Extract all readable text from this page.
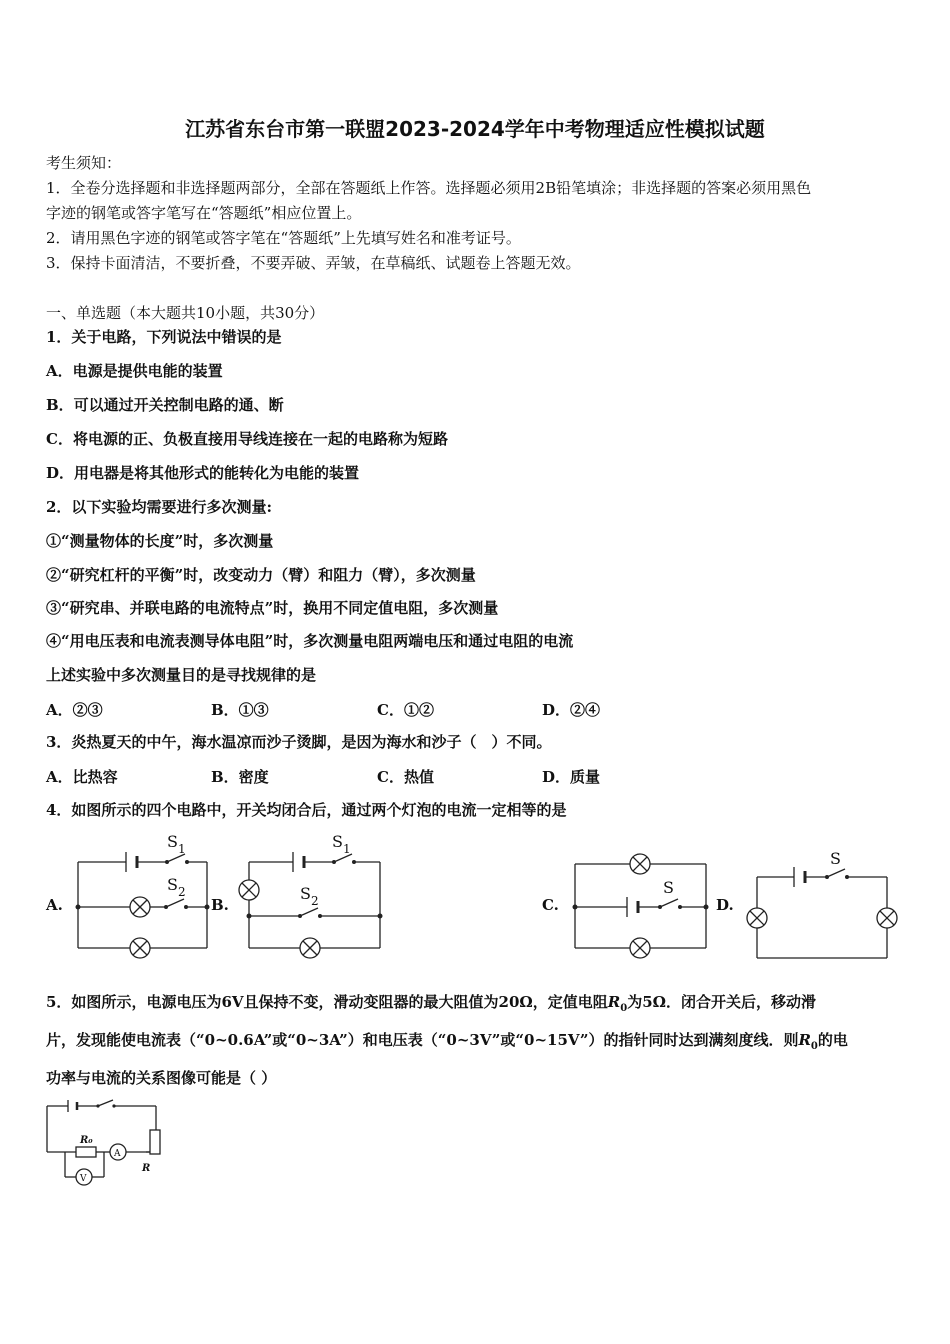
江苏省东台市第一联盟2023-2024学年中考物理适应性模拟试题
考生须知：
1．全卷分选择题和非选择题两部分，全部在答题纸上作答。选择题必须用2B铅笔填涂；非选择题的答案必须用黑色
字迹的钢笔或答字笔写在“答题纸”相应位置上。
2．请用黑色字迹的钢笔或答字笔在“答题纸”上先填写姓名和准考证号。
3．保持卡面清洁，不要折叠，不要弄破、弄皱，在草稿纸、试题卷上答题无效。
一、单选题（本大题共10小题，共30分）
1．关于电路，下列说法中错误的是
A．电源是提供电能的装置
B．可以通过开关控制电路的通、断
C．将电源的正、负极直接用导线连接在一起的电路称为短路
D．用电器是将其他形式的能转化为电能的装置
2．以下实验均需要进行多次测量:
①“测量物体的长度”时，多次测量
②“研究杠杆的平衡”时，改变动力（臂）和阻力（臂），多次测量
③“研究串、并联电路的电流特点”时，换用不同定值电阻，多次测量
④“用电压表和电流表测导体电阻”时，多次测量电阻两端电压和通过电阻的电流
上述实验中多次测量目的是寻找规律的是
A．②③	B．①③	C．①②	D．②④
3．炎热夏天的中午，海水温凉而沙子烫脚，是因为海水和沙子（　）不同。
A．比热容	B．密度	C．热值	D．质量
4．如图所示的四个电路中，开关均闭合后，通过两个灯泡的电流一定相等的是
A.	B.	C.	D.
S 1
S 2
S 1
S 2
S
S
5．如图所示，电源电压为6V且保持不变，滑动变阻器的最大阻值为20Ω，定值电阻$R_0$为5Ω．闭合开关后，移动滑
片，发现能使电流表（“0~0.6A”或“0~3A”）和电压表（“0~3V”或“0~15V”）的指针同时达到满刻度线．则$R_0$的电
功率与电流的关系图像可能是（ ）
R₀
A
V
R
